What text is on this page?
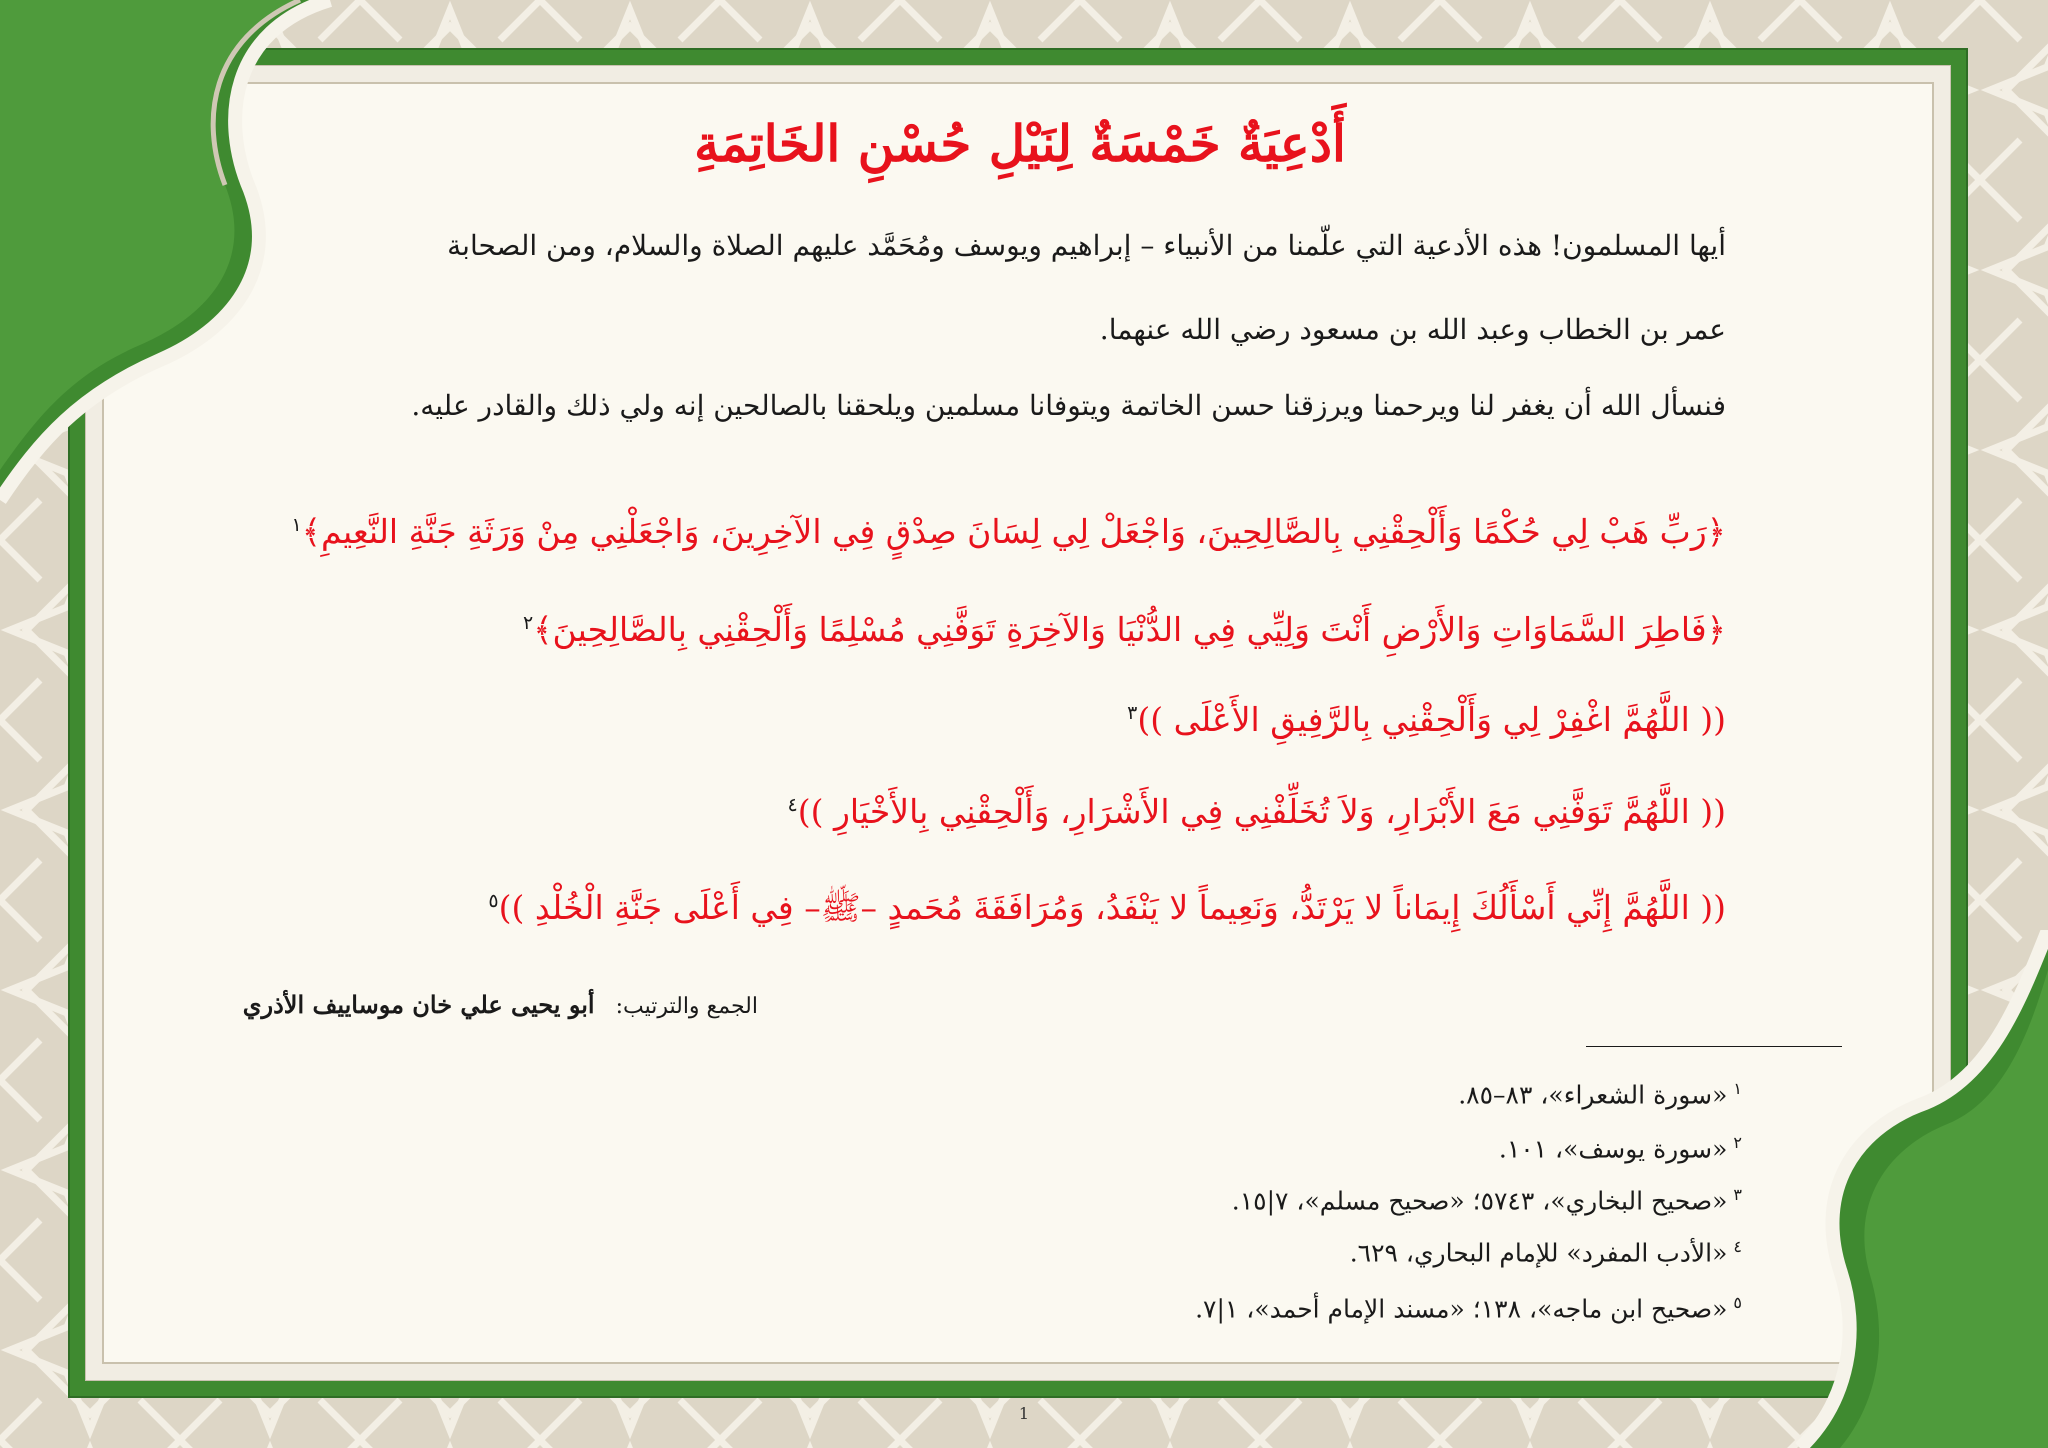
أَدْعِيَةٌ خَمْسَةٌ لِنَيْلِ حُسْنِ الخَاتِمَةِ
أيها المسلمون! هذه الأدعية التي علّمنا من الأنبياء – إبراهيم ويوسف ومُحَمَّد عليهم الصلاة والسلام، ومن الصحابة
عمر بن الخطاب وعبد الله بن مسعود رضي الله عنهما.
فنسأل الله أن يغفر لنا ويرحمنا ويرزقنا حسن الخاتمة ويتوفانا مسلمين ويلحقنا بالصالحين إنه ولي ذلك والقادر عليه.
﴿رَبِّ هَبْ لِي حُكْمًا وَأَلْحِقْنِي بِالصَّالِحِينَ، وَاجْعَلْ لِي لِسَانَ صِدْقٍ فِي الآخِرِينَ، وَاجْعَلْنِي مِنْ وَرَثَةِ جَنَّةِ النَّعِيمِ﴾$^١$
﴿فَاطِرَ السَّمَاوَاتِ وَالأَرْضِ أَنْتَ وَلِيِّي فِي الدُّنْيَا وَالآخِرَةِ تَوَفَّنِي مُسْلِمًا وَأَلْحِقْنِي بِالصَّالِحِينَ﴾$^٢$
(( اللَّهُمَّ اغْفِرْ لِي وَأَلْحِقْنِي بِالرَّفِيقِ الأَعْلَى ))$^٣$
(( اللَّهُمَّ تَوَفَّنِي مَعَ الأَبْرَارِ، وَلاَ تُخَلِّفْنِي فِي الأَشْرَارِ، وَأَلْحِقْنِي بِالأَخْيَارِ ))$^٤$
(( اللَّهُمَّ إِنِّي أَسْأَلُكَ إِيمَاناً لا يَرْتَدُّ، وَنَعِيماً لا يَنْفَدُ، وَمُرَافَقَةَ مُحَمدٍ –ﷺ– فِي أَعْلَى جَنَّةِ الْخُلْدِ ))$^٥$
الجمع والترتيب:   أبو يحيى علي خان موساييف الأذري
$^١$«سورة الشعراء»، ٨٣–٨٥.
$^٢$«سورة يوسف»، ١٠١.
$^٣$«صحيح البخاري»، ٥٧٤٣؛ «صحيح مسلم»، ٧|١٥.
$^٤$«الأدب المفرد» للإمام البحاري، ٦٢٩.
$^٥$«صحيح ابن ماجه»، ١٣٨؛ «مسند الإمام أحمد»، ١|٧.
1
